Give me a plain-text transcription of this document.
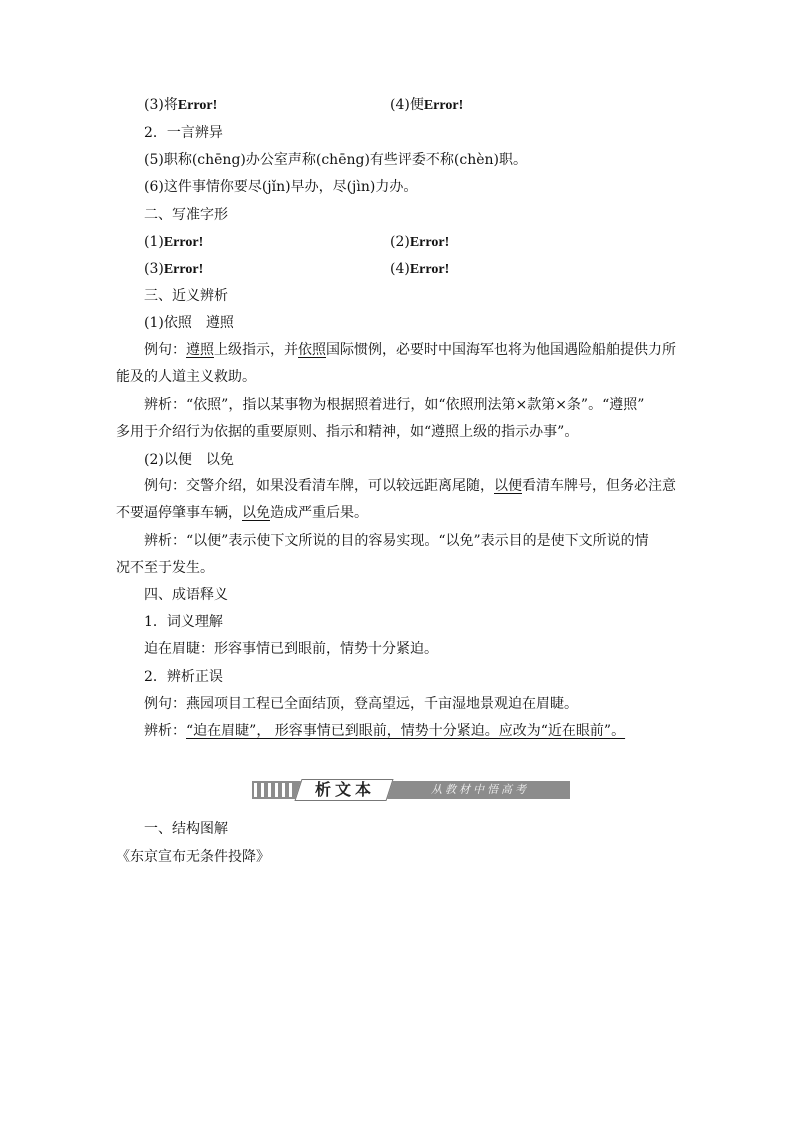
(3)将Error!	(4)便Error!
2．一言辨异
(5)职称(chēng)办公室声称(chēng)有些评委不称(chèn)职。
(6)这件事情你要尽(jǐn)早办，尽(jìn)力办。
二、写准字形
(1)Error!	(2)Error!
(3)Error!	(4)Error!
三、近义辨析
(1)依照　遵照
例句：遵照上级指示，并依照国际惯例，必要时中国海军也将为他国遇险船舶提供力所
能及的人道主义救助。
辨析：“依照”，指以某事物为根据照着进行，如“依照刑法第×款第×条”。“遵照”
多用于介绍行为依据的重要原则、指示和精神，如“遵照上级的指示办事”。
(2)以便　以免
例句：交警介绍，如果没看清车牌，可以较远距离尾随，以便看清车牌号，但务必注意
不要逼停肇事车辆，以免造成严重后果。
辨析：“以便”表示使下文所说的目的容易实现。“以免”表示目的是使下文所说的情
况不至于发生。
四、成语释义
1．词义理解
迫在眉睫：形容事情已到眼前，情势十分紧迫。
2．辨析正误
例句：燕园项目工程已全面结顶，登高望远，千亩湿地景观迫在眉睫。
辨析：“迫在眉睫”， 形容事情已到眼前，情势十分紧迫。应改为“近在眼前”。
析文本	从教材中悟高考
一、结构图解
《东京宣布无条件投降》
